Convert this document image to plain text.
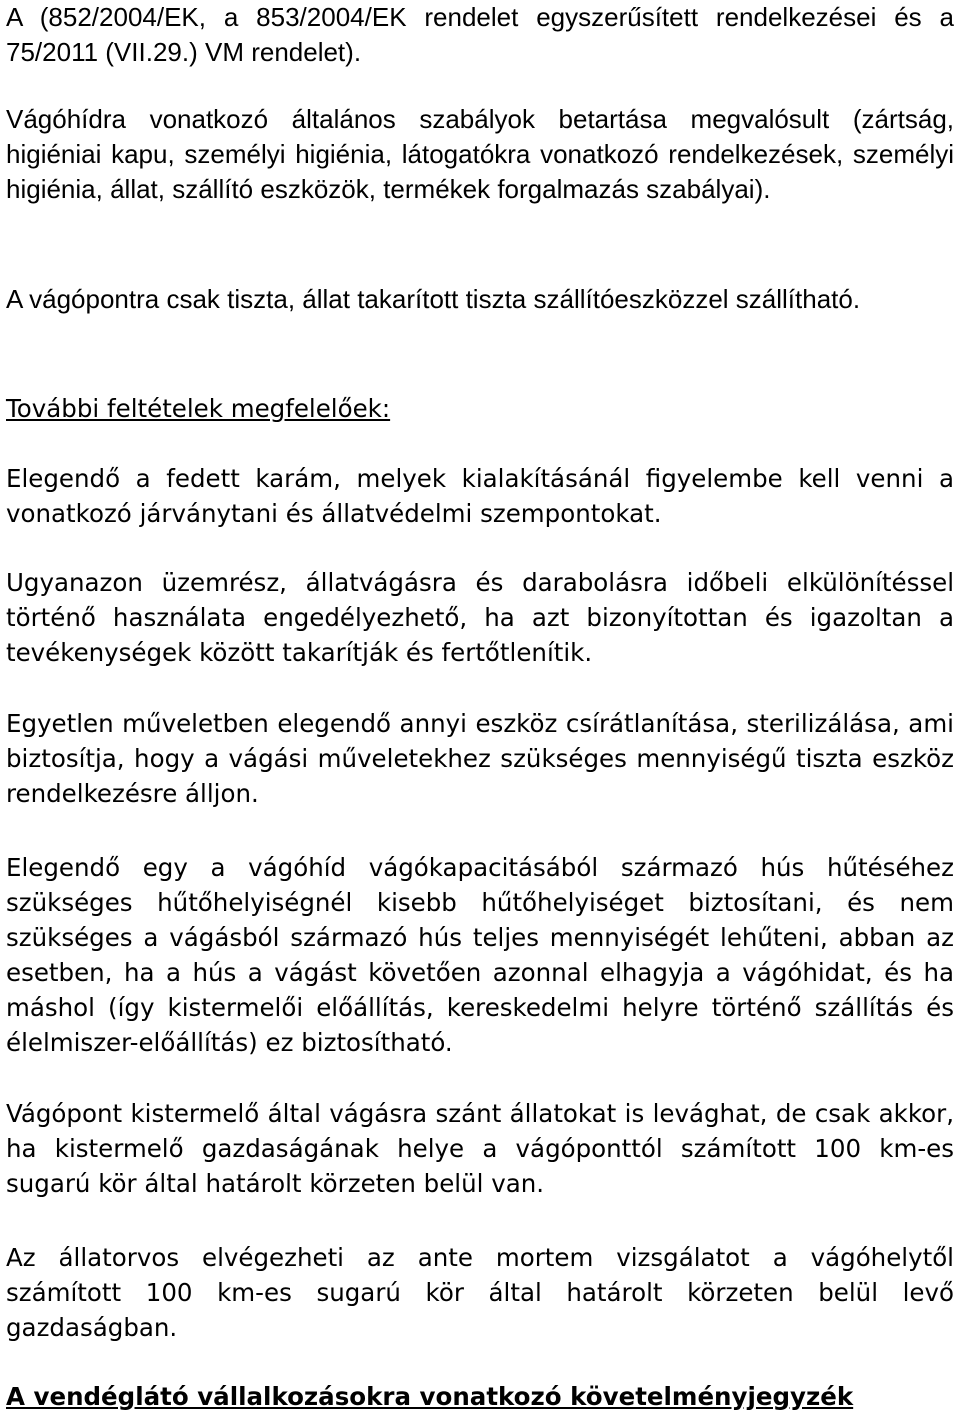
A (852/2004/EK, a 853/2004/EK rendelet egyszerűsített rendelkezései és a 75/2011 (VII.29.) VM rendelet).

Vágóhídra vonatkozó általános szabályok betartása megvalósult (zártság, higiéniai kapu, személyi higiénia, látogatókra vonatkozó rendelkezések, személyi higiénia, állat, szállító eszközök, termékek forgalmazás szabályai).

A vágópontra csak tiszta, állat takarított tiszta szállítóeszközzel szállítható.

További feltételek megfelelőek:

Elegendő a fedett karám, melyek kialakításánál figyelembe kell venni a vonatkozó járványtani és állatvédelmi szempontokat.

Ugyanazon üzemrész, állatvágásra és darabolásra időbeli elkülönítéssel történő használata engedélyezhető, ha azt bizonyítottan és igazoltan a tevékenységek között takarítják és fertőtlenítik.

Egyetlen műveletben elegendő annyi eszköz csírátlanítása, sterilizálása, ami biztosítja, hogy a vágási műveletekhez szükséges mennyiségű tiszta eszköz rendelkezésre álljon.

Elegendő egy a vágóhíd vágókapacitásából származó hús hűtéséhez szükséges hűtőhelyiségnél kisebb hűtőhelyiséget biztosítani, és nem szükséges a vágásból származó hús teljes mennyiségét lehűteni, abban az esetben, ha a hús a vágást követően azonnal elhagyja a vágóhidat, és ha máshol (így kistermelői előállítás, kereskedelmi helyre történő szállítás és élelmiszer-előállítás) ez biztosítható.

Vágópont kistermelő által vágásra szánt állatokat is levághat, de csak akkor, ha kistermelő gazdaságának helye a vágóponttól számított 100 km-es sugarú kör által határolt körzeten belül van.

Az állatorvos elvégezheti az ante mortem vizsgálatot a vágóhelytől számított 100 km-es sugarú kör által határolt körzeten belül levő gazdaságban.

A vendéglátó vállalkozásokra vonatkozó követelményjegyzék
